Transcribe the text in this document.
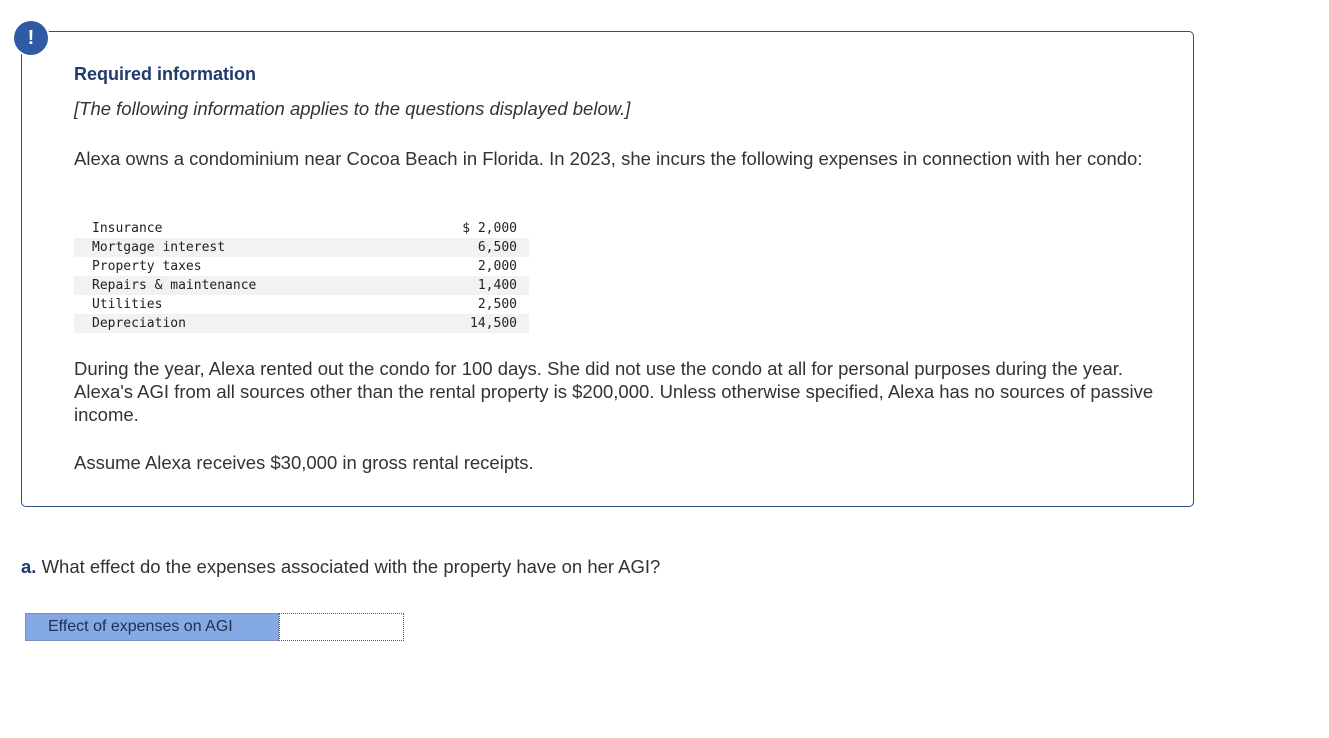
!
Required information
[The following information applies to the questions displayed below.]
Alexa owns a condominium near Cocoa Beach in Florida. In 2023, she incurs the following expenses in connection with her condo:
Insurance	$ 2,000
Mortgage interest	6,500
Property taxes	2,000
Repairs & maintenance	1,400
Utilities	2,500
Depreciation	14,500
During the year, Alexa rented out the condo for 100 days. She did not use the condo at all for personal purposes during the year. Alexa's AGI from all sources other than the rental property is $200,000. Unless otherwise specified, Alexa has no sources of passive income.
Assume Alexa receives $30,000 in gross rental receipts.
a. What effect do the expenses associated with the property have on her AGI?
Effect of expenses on AGI
